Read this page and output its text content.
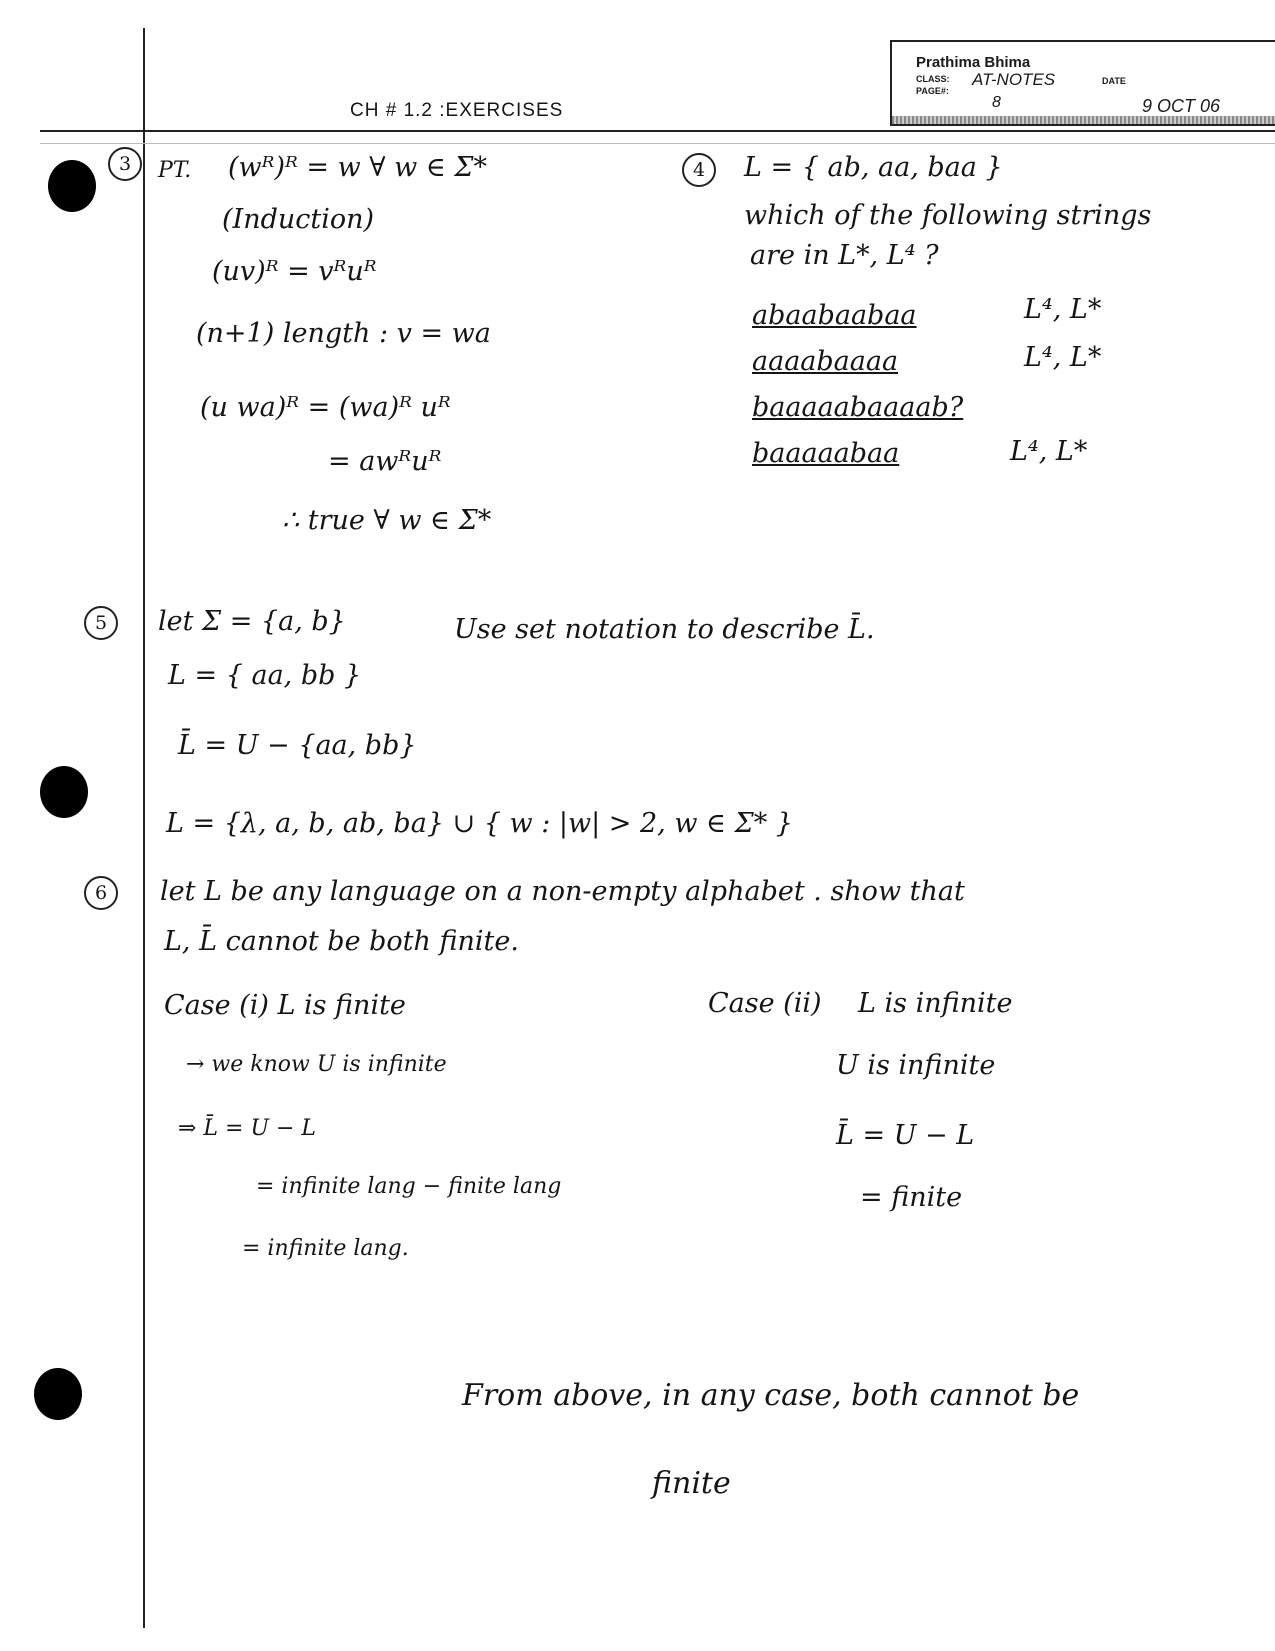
Prathima Bhima
CLASS:
PAGE#:
AT-NOTES	DATE
8	9 OCT 06
CH # 1.2 :EXERCISES
3	PT. (wᴿ)ᴿ = w ∀ w ∈ Σ*
(Induction)
(uv)ᴿ = vᴿuᴿ
(n+1) length : v = wa
(u wa)ᴿ = (wa)ᴿ uᴿ
= awᴿuᴿ
∴ true ∀ w ∈ Σ*
4	L = { ab, aa, baa }
which of the following strings
are in L*, L⁴ ?
abaabaabaa	L⁴, L*
aaaabaaaa	L⁴, L*
baaaaabaaaab?
baaaaabaa	L⁴, L*
5	let Σ = {a, b}	Use set notation to describe L̄.
L = { aa, bb }
L̄ = U − {aa, bb}
L = {λ, a, b, ab, ba} ∪ { w : |w| > 2, w ∈ Σ* }
6	let L be any language on a non-empty alphabet . show that
L, L̄ cannot be both finite.
Case (i) L is finite
→ we know U is infinite
⇒ L̄ = U − L
= infinite lang − finite lang
= infinite lang.
Case (ii) L is infinite
U is infinite
L̄ = U − L
= finite
From above, in any case, both cannot be
finite
